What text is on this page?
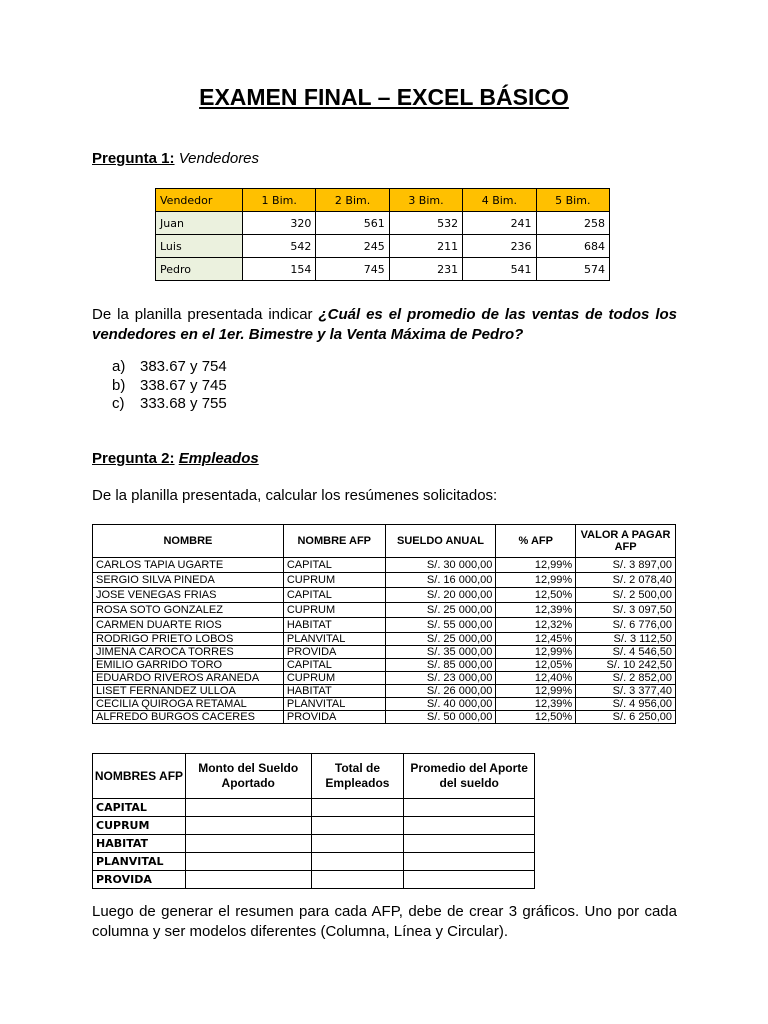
EXAMEN FINAL – EXCEL BÁSICO
Pregunta 1: Vendedores
Vendedor	1 Bim.	2 Bim.	3 Bim.	4 Bim.	5 Bim.
Juan	320	561	532	241	258
Luis	542	245	211	236	684
Pedro	154	745	231	541	574
De la planilla presentada indicar ¿Cuál es el promedio de las ventas de todos los vendedores en el 1er. Bimestre y la Venta Máxima de Pedro?
a) 383.67 y 754
b) 338.67 y 745
c) 333.68 y 755
Pregunta 2: Empleados
De la planilla presentada, calcular los resúmenes solicitados:
NOMBRE	NOMBRE AFP	SUELDO ANUAL	% AFP	VALOR A PAGAR AFP
CARLOS TAPIA UGARTE	CAPITAL	S/. 30 000,00	12,99%	S/. 3 897,00
SERGIO SILVA PINEDA	CUPRUM	S/. 16 000,00	12,99%	S/. 2 078,40
JOSE VENEGAS FRIAS	CAPITAL	S/. 20 000,00	12,50%	S/. 2 500,00
ROSA SOTO GONZALEZ	CUPRUM	S/. 25 000,00	12,39%	S/. 3 097,50
CARMEN DUARTE RIOS	HABITAT	S/. 55 000,00	12,32%	S/. 6 776,00
RODRIGO PRIETO LOBOS	PLANVITAL	S/. 25 000,00	12,45%	S/. 3 112,50
JIMENA CAROCA TORRES	PROVIDA	S/. 35 000,00	12,99%	S/. 4 546,50
EMILIO GARRIDO TORO	CAPITAL	S/. 85 000,00	12,05%	S/. 10 242,50
EDUARDO RIVEROS ARANEDA	CUPRUM	S/. 23 000,00	12,40%	S/. 2 852,00
LISET FERNANDEZ ULLOA	HABITAT	S/. 26 000,00	12,99%	S/. 3 377,40
CECILIA QUIROGA RETAMAL	PLANVITAL	S/. 40 000,00	12,39%	S/. 4 956,00
ALFREDO BURGOS CACERES	PROVIDA	S/. 50 000,00	12,50%	S/. 6 250,00
NOMBRES AFP	Monto del Sueldo Aportado	Total de Empleados	Promedio del Aporte del sueldo
CAPITAL			
CUPRUM			
HABITAT			
PLANVITAL			
PROVIDA			
Luego de generar el resumen para cada AFP, debe de crear 3 gráficos. Uno por cada columna y ser modelos diferentes (Columna, Línea y Circular).
